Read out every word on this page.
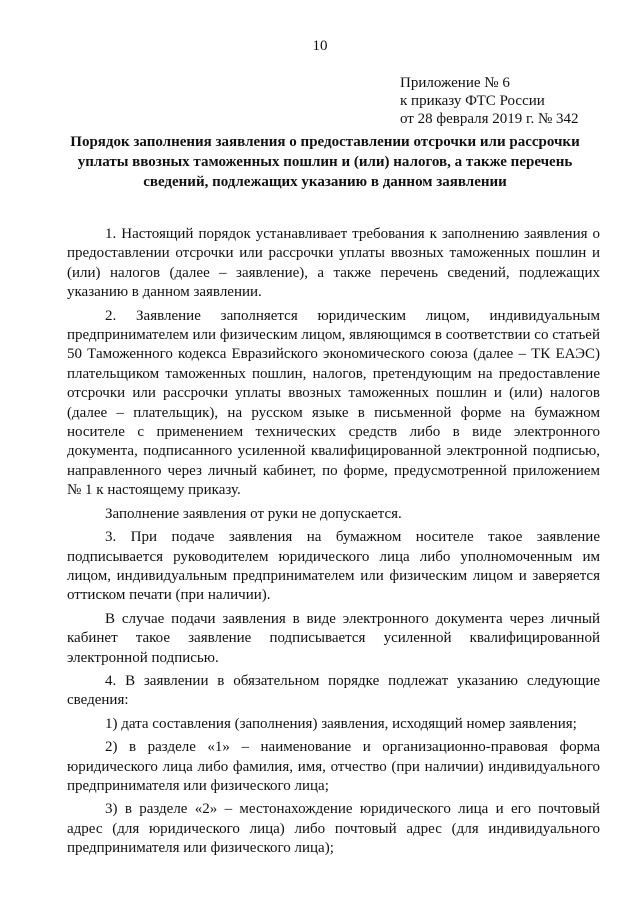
10
Приложение № 6
к приказу ФТС России
от 28 февраля 2019 г. № 342
Порядок заполнения заявления о предоставлении отсрочки или рассрочки
уплаты ввозных таможенных пошлин и (или) налогов, а также перечень
сведений, подлежащих указанию в данном заявлении

1. Настоящий порядок устанавливает требования к заполнению заявления о предоставлении отсрочки или рассрочки уплаты ввозных таможенных пошлин и (или) налогов (далее – заявление), а также перечень сведений, подлежащих указанию в данном заявлении.

2. Заявление заполняется юридическим лицом, индивидуальным предпринимателем или физическим лицом, являющимся в соответствии со статьей 50 Таможенного кодекса Евразийского экономического союза (далее – ТК ЕАЭС) плательщиком таможенных пошлин, налогов, претендующим на предоставление отсрочки или рассрочки уплаты ввозных таможенных пошлин и (или) налогов (далее – плательщик), на русском языке в письменной форме на бумажном носителе с применением технических средств либо в виде электронного документа, подписанного усиленной квалифицированной электронной подписью, направленного через личный кабинет, по форме, предусмотренной приложением № 1 к настоящему приказу.

Заполнение заявления от руки не допускается.

3. При подаче заявления на бумажном носителе такое заявление подписывается руководителем юридического лица либо уполномоченным им лицом, индивидуальным предпринимателем или физическим лицом и заверяется оттиском печати (при наличии).

В случае подачи заявления в виде электронного документа через личный кабинет такое заявление подписывается усиленной квалифицированной электронной подписью.

4. В заявлении в обязательном порядке подлежат указанию следующие сведения:

1) дата составления (заполнения) заявления, исходящий номер заявления;

2) в разделе «1» – наименование и организационно-правовая форма юридического лица либо фамилия, имя, отчество (при наличии) индивидуального предпринимателя или физического лица;

3) в разделе «2» – местонахождение юридического лица и его почтовый адрес (для юридического лица) либо почтовый адрес (для индивидуального предпринимателя или физического лица);
